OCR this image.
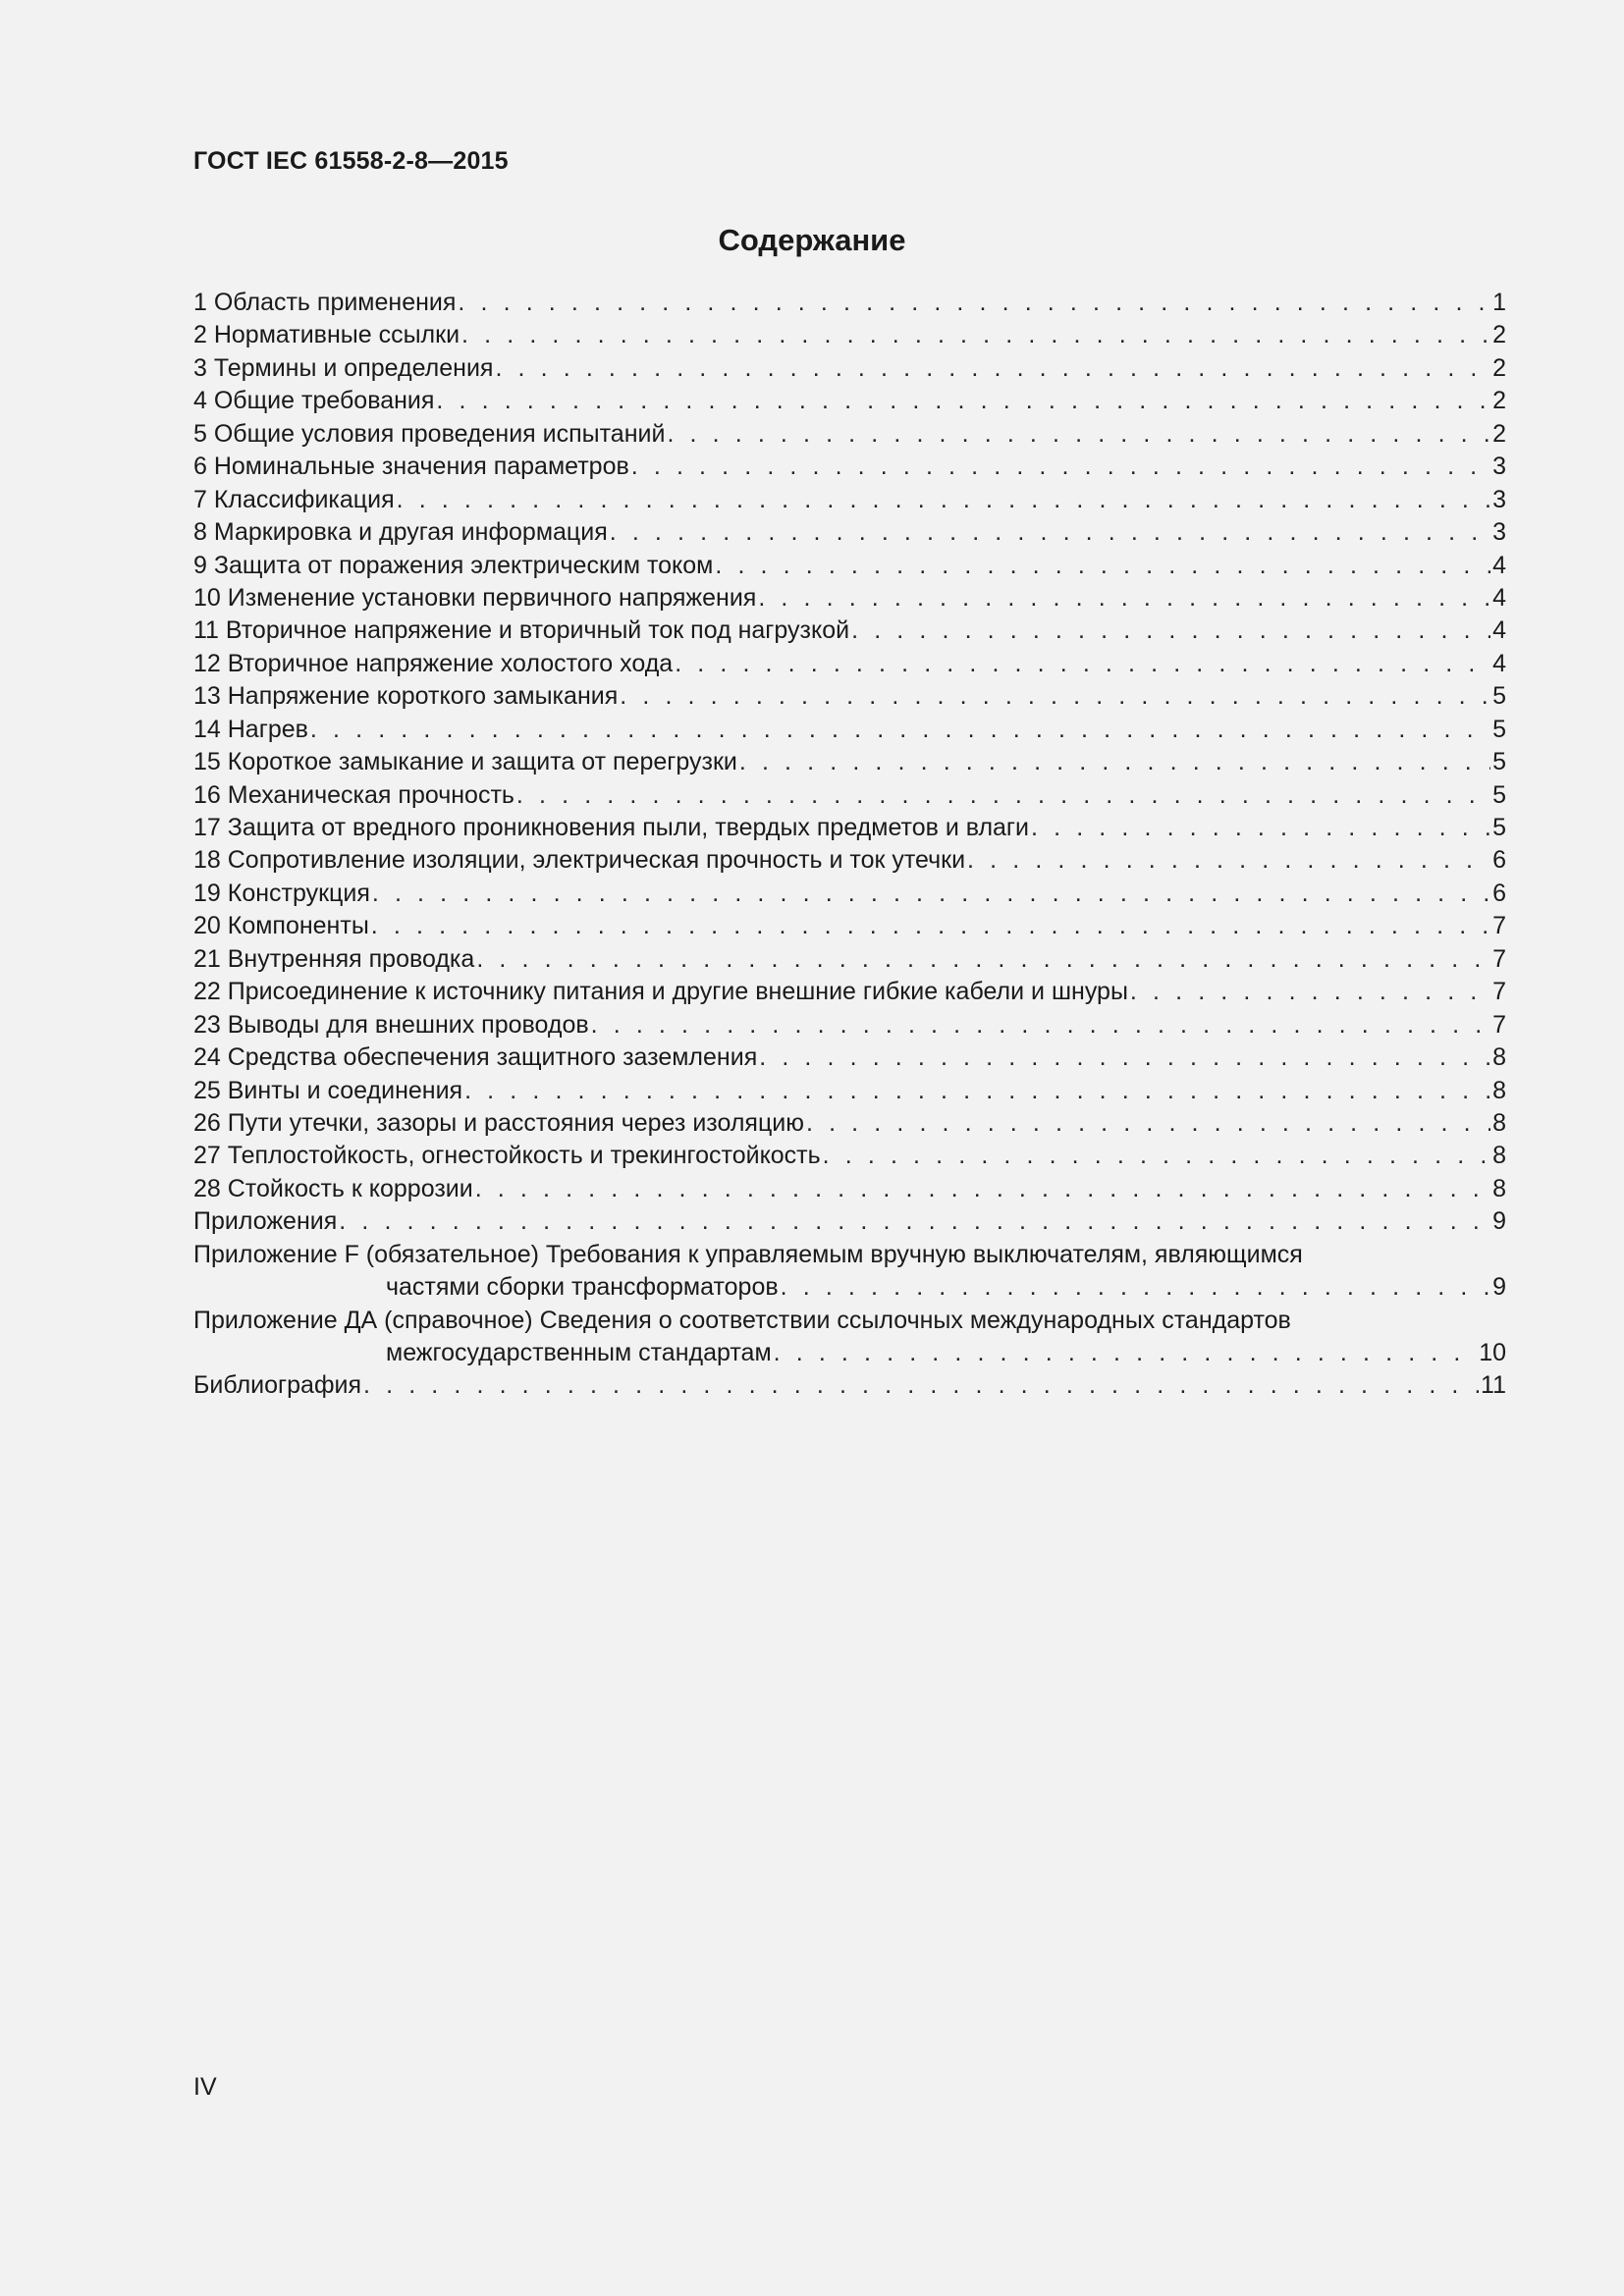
ГОСТ IEC 61558-2-8—2015
Содержание
1 Область применения . . .	1
2 Нормативные ссылки . . .	2
3 Термины и определения . . .	2
4 Общие требования . . .	2
5 Общие условия проведения испытаний . . .	2
6 Номинальные значения параметров . . .	3
7 Классификация . . .	3
8 Маркировка и другая информация . . .	3
9 Защита от поражения электрическим током . . .	4
10 Изменение установки первичного напряжения . . .	4
11 Вторичное напряжение и вторичный ток под нагрузкой . . .	4
12 Вторичное напряжение холостого хода . . .	4
13 Напряжение короткого замыкания . . .	5
14 Нагрев . . .	5
15 Короткое замыкание и защита от перегрузки . . .	5
16 Механическая прочность . . .	5
17 Защита от вредного проникновения пыли, твердых предметов и влаги . . .	5
18 Сопротивление изоляции, электрическая прочность и ток утечки . . .	6
19 Конструкция . . .	6
20 Компоненты . . .	7
21 Внутренняя проводка . . .	7
22 Присоединение к источнику питания и другие внешние гибкие кабели и шнуры . . .	7
23 Выводы для внешних проводов . . .	7
24 Средства обеспечения защитного заземления . . .	8
25 Винты и соединения . . .	8
26 Пути утечки, зазоры и расстояния через изоляцию . . .	8
27 Теплостойкость, огнестойкость и трекингостойкость . . .	8
28 Стойкость к коррозии . . .	8
Приложения . . .	9
Приложение F (обязательное) Требования к управляемым вручную выключателям, являющимся
частями сборки трансформаторов . . .	9
Приложение ДА (справочное) Сведения о соответствии ссылочных международных стандартов
межгосударственным стандартам . . .	10
Библиография . . .	11
IV
